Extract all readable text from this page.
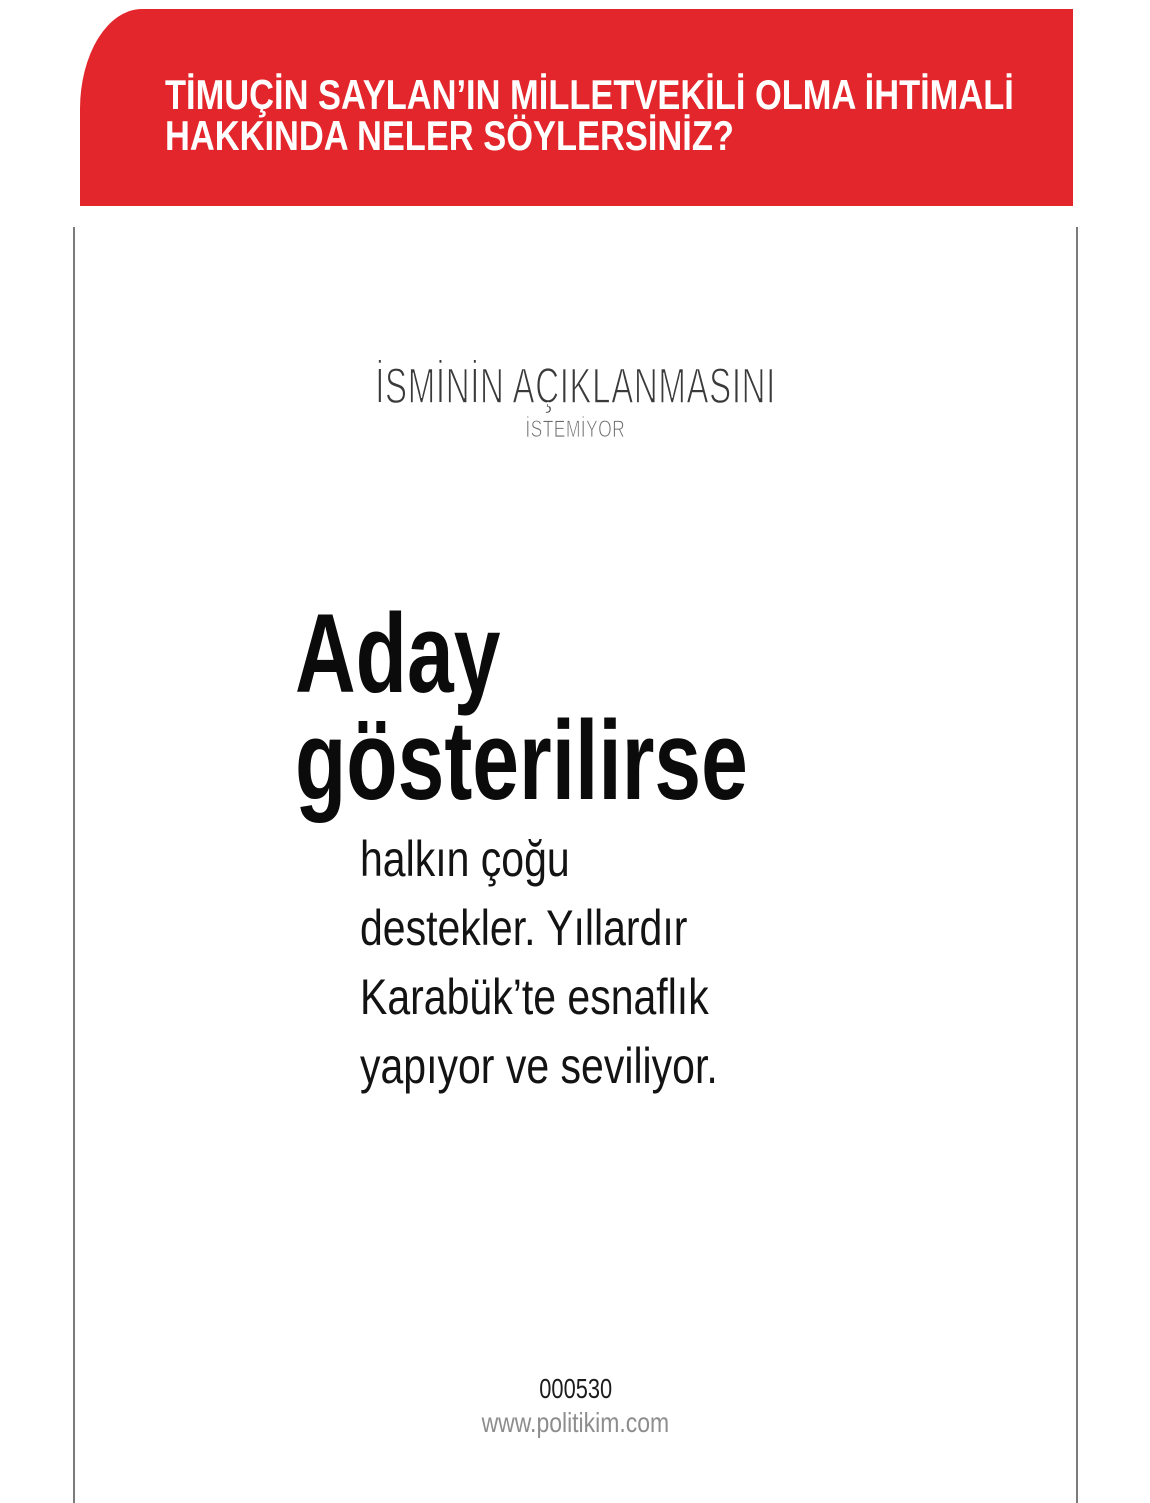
TİMUÇİN SAYLAN’IN MİLLETVEKİLİ OLMA İHTİMALİ
HAKKINDA NELER SÖYLERSİNİZ?
İSMİNİN AÇIKLANMASINI
İSTEMİYOR
Aday
gösterilirse
halkın çoğu
destekler. Yıllardır
Karabük’te esnaflık
yapıyor ve seviliyor.
000530
www.politikim.com
